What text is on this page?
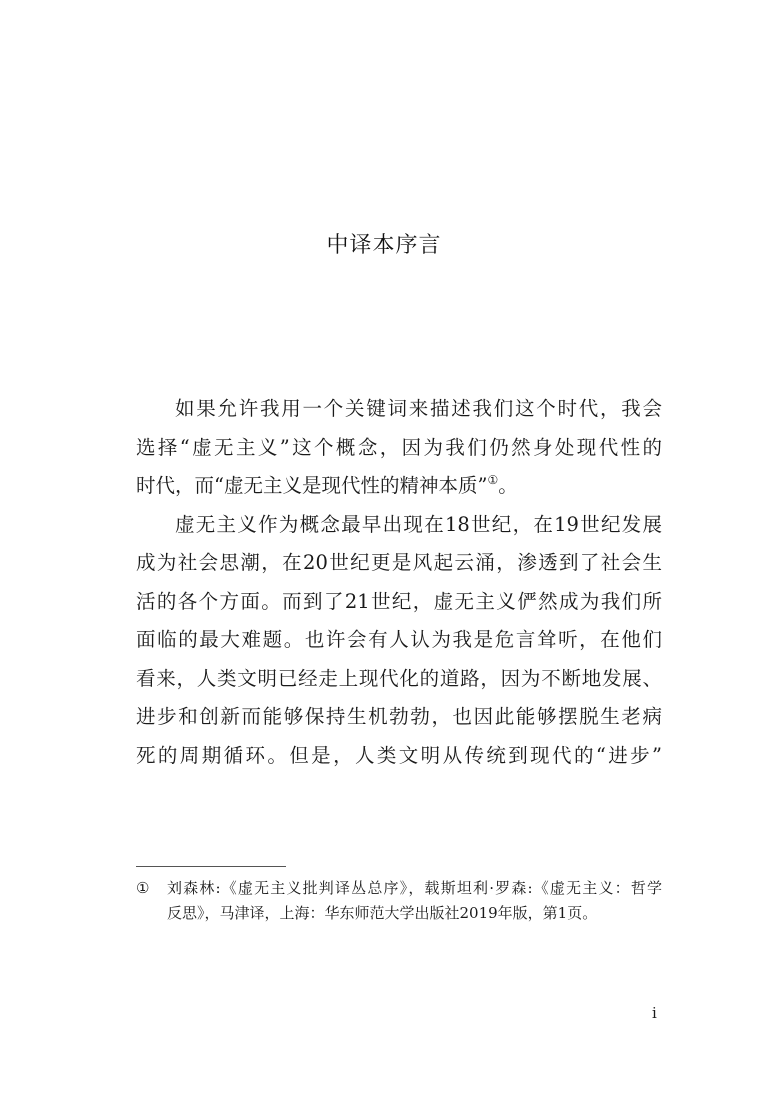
中译本序言
如果允许我用一个关键词来描述我们这个时代，我会
选择“虚无主义”这个概念，因为我们仍然身处现代性的
时代，而“虚无主义是现代性的精神本质”①。
虚无主义作为概念最早出现在18世纪，在19世纪发展
成为社会思潮，在20世纪更是风起云涌，渗透到了社会生
活的各个方面。而到了21世纪，虚无主义俨然成为我们所
面临的最大难题。也许会有人认为我是危言耸听，在他们
看来，人类文明已经走上现代化的道路，因为不断地发展、
进步和创新而能够保持生机勃勃，也因此能够摆脱生老病
死的周期循环。但是，人类文明从传统到现代的“进步”
① 刘森林:《虚无主义批判译丛总序》，载斯坦利·罗森:《虚无主义：哲学
反思》，马津译，上海：华东师范大学出版社2019年版，第1页。
i
